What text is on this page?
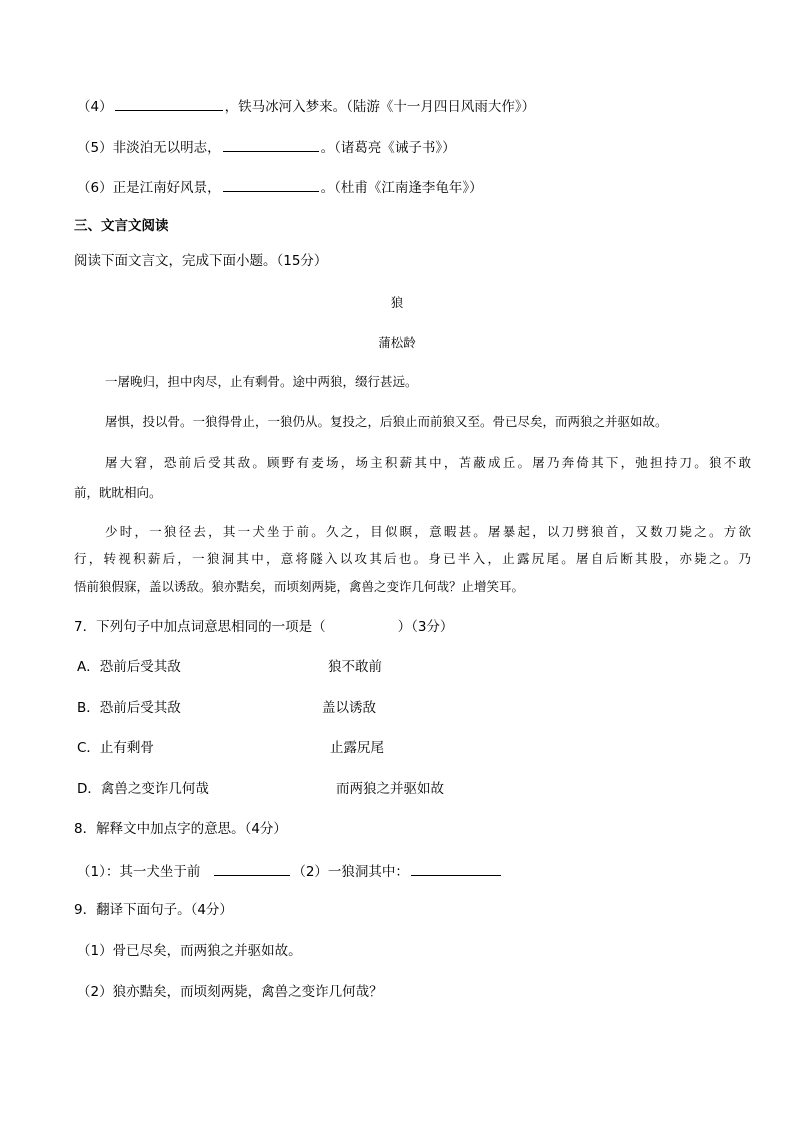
（4）	，铁马冰河入梦来。（陆游《十一月四日风雨大作》）
（5）非淡泊无以明志，	。（诸葛亮《诫子书》）
（6）正是江南好风景，	。（杜甫《江南逢李龟年》）
三、文言文阅读
阅读下面文言文，完成下面小题。（15分）
狼
蒲松龄
一屠晚归，担中肉尽，止有剩骨。途中两狼，缀行甚远。
屠惧，投以骨。一狼得骨止，一狼仍从。复投之，后狼止而前狼又至。骨已尽矣，而两狼之并驱如故。
屠大窘，恐前后受其敌。顾野有麦场，场主积薪其中，苫蔽成丘。屠乃奔倚其下，弛担持刀。狼不敢
前，眈眈相向。
少时，一狼径去，其一犬坐于前。久之，目似瞑，意暇甚。屠暴起，以刀劈狼首，又数刀毙之。方欲
行，转视积薪后，一狼洞其中，意将隧入以攻其后也。身已半入，止露尻尾。屠自后断其股，亦毙之。乃
悟前狼假寐，盖以诱敌。狼亦黠矣，而顷刻两毙，禽兽之变诈几何哉？止增笑耳。
7．下列句子中加点词意思相同的一项是（	）（3分）
A．恐前后受其敌	狼不敢前
B．恐前后受其敌	盖以诱敌
C．止有剩骨	止露尻尾
D．禽兽之变诈几何哉	而两狼之并驱如故
8．解释文中加点字的意思。（4分）
（1）：其一犬坐于前	（2）一狼洞其中：
9．翻译下面句子。（4分）
（1）骨已尽矣，而两狼之并驱如故。
（2）狼亦黠矣，而顷刻两毙，禽兽之变诈几何哉？
